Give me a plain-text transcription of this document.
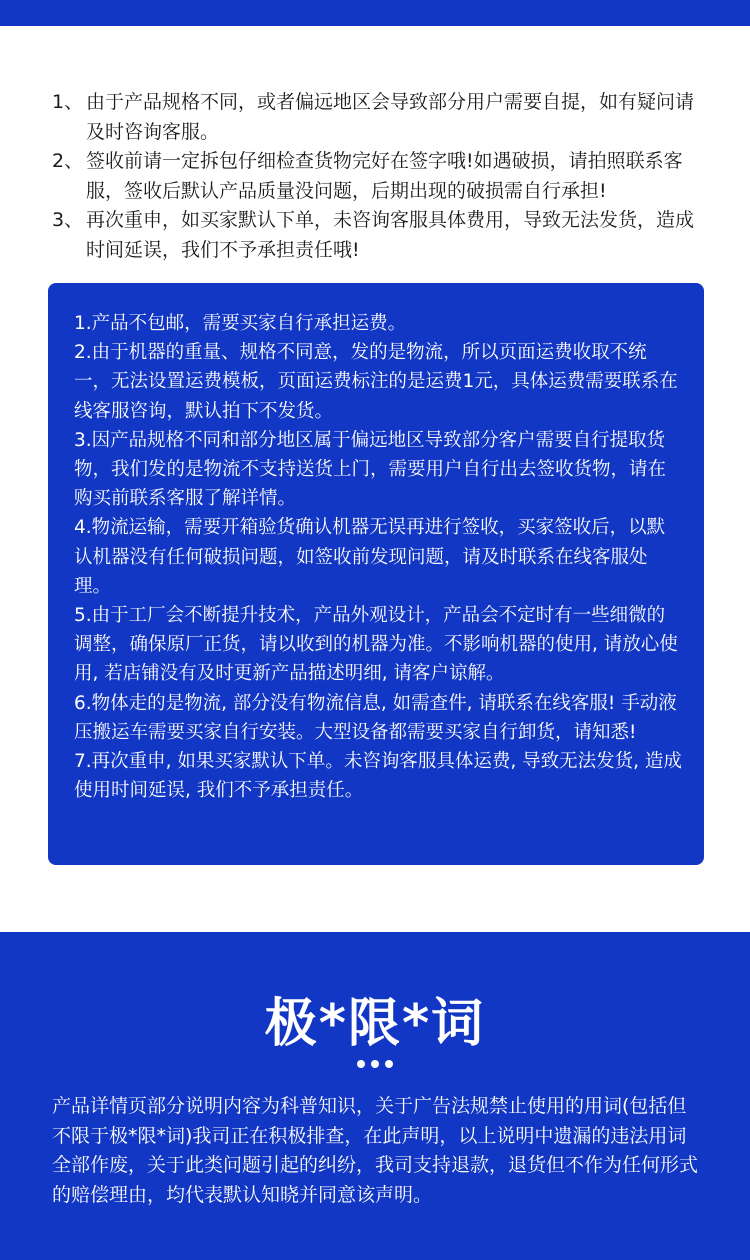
1、 由于产品规格不同，或者偏远地区会导致部分用户需要自提，如有疑问请及时咨询客服。
2、 签收前请一定拆包仔细检查货物完好在签字哦!如遇破损，请拍照联系客服，签收后默认产品质量没问题，后期出现的破损需自行承担!
3、 再次重申，如买家默认下单，未咨询客服具体费用，导致无法发货，造成时间延误，我们不予承担责任哦!

1.产品不包邮，需要买家自行承担运费。

2.由于机器的重量、规格不同意，发的是物流，所以页面运费收取不统一，无法设置运费模板，页面运费标注的是运费1元，具体运费需要联系在线客服咨询，默认拍下不发货。

3.因产品规格不同和部分地区属于偏远地区导致部分客户需要自行提取货物，我们发的是物流不支持送货上门，需要用户自行出去签收货物，请在购买前联系客服了解详情。

4.物流运输，需要开箱验货确认机器无误再进行签收，买家签收后，以默认机器没有任何破损问题，如签收前发现问题，请及时联系在线客服处理。

5.由于工厂会不断提升技术，产品外观设计，产品会不定时有一些细微的调整，确保原厂正货，请以收到的机器为准。不影响机器的使用, 请放心使用, 若店铺没有及时更新产品描述明细, 请客户谅解。

6.物体走的是物流, 部分没有物流信息, 如需查件, 请联系在线客服! 手动液压搬运车需要买家自行安装。大型设备都需要买家自行卸货，请知悉!

7.再次重申, 如果买家默认下单。未咨询客服具体运费, 导致无法发货, 造成使用时间延误, 我们不予承担责任。

极*限*词

产品详情页部分说明内容为科普知识，关于广告法规禁止使用的用词(包括但不限于极*限*词)我司正在积极排查，在此声明，以上说明中遗漏的违法用词全部作废，关于此类问题引起的纠纷，我司支持退款，退货但不作为任何形式的赔偿理由，均代表默认知晓并同意该声明。
